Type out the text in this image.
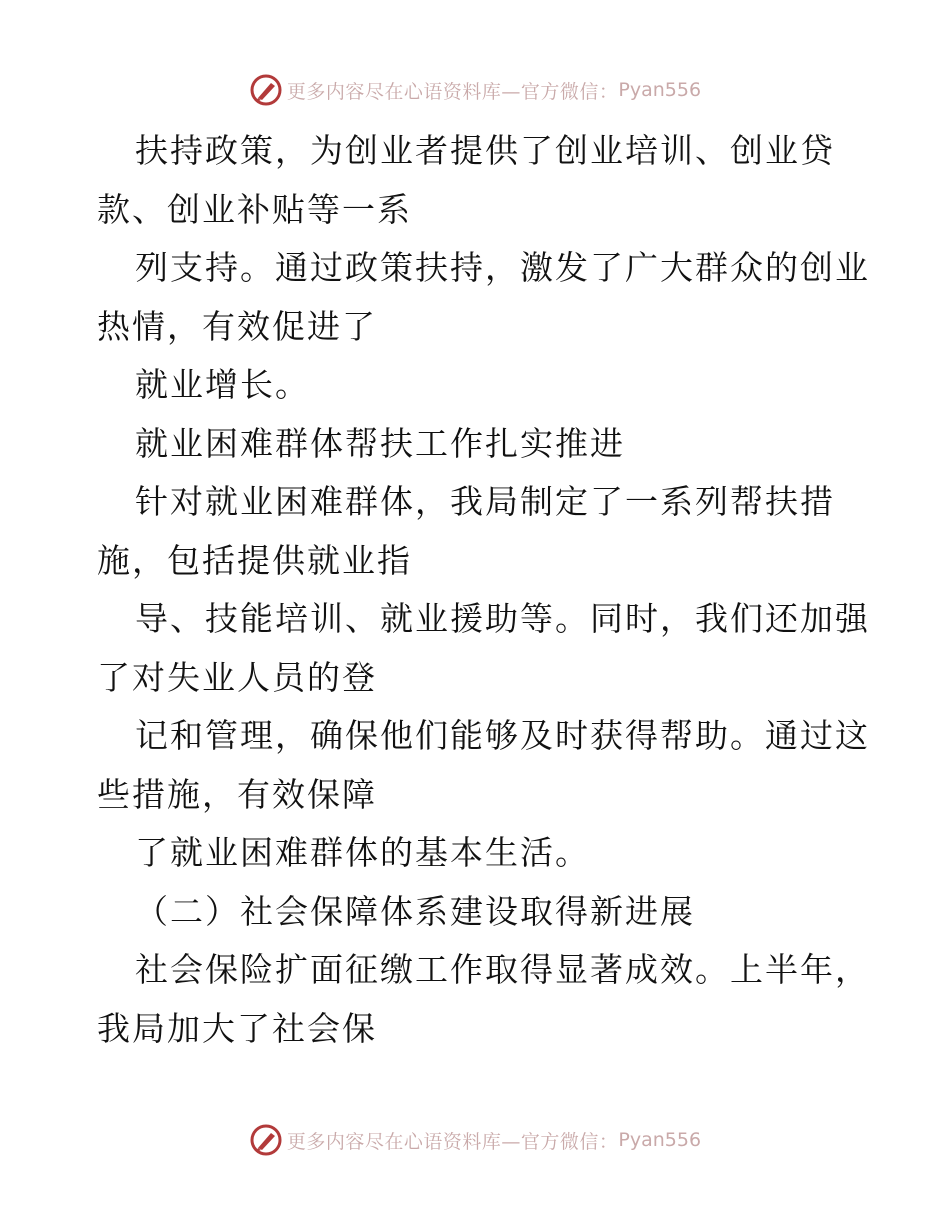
更多内容尽在心语资料库—官方微信： Pyan556
扶持政策，为创业者提供了创业培训、创业贷
款、创业补贴等一系
列支持。通过政策扶持，激发了广大群众的创业
热情，有效促进了
就业增长。
就业困难群体帮扶工作扎实推进
针对就业困难群体，我局制定了一系列帮扶措
施，包括提供就业指
导、技能培训、就业援助等。同时，我们还加强
了对失业人员的登
记和管理，确保他们能够及时获得帮助。通过这
些措施，有效保障
了就业困难群体的基本生活。
（二）社会保障体系建设取得新进展
社会保险扩面征缴工作取得显著成效。上半年，
我局加大了社会保
更多内容尽在心语资料库—官方微信： Pyan556
